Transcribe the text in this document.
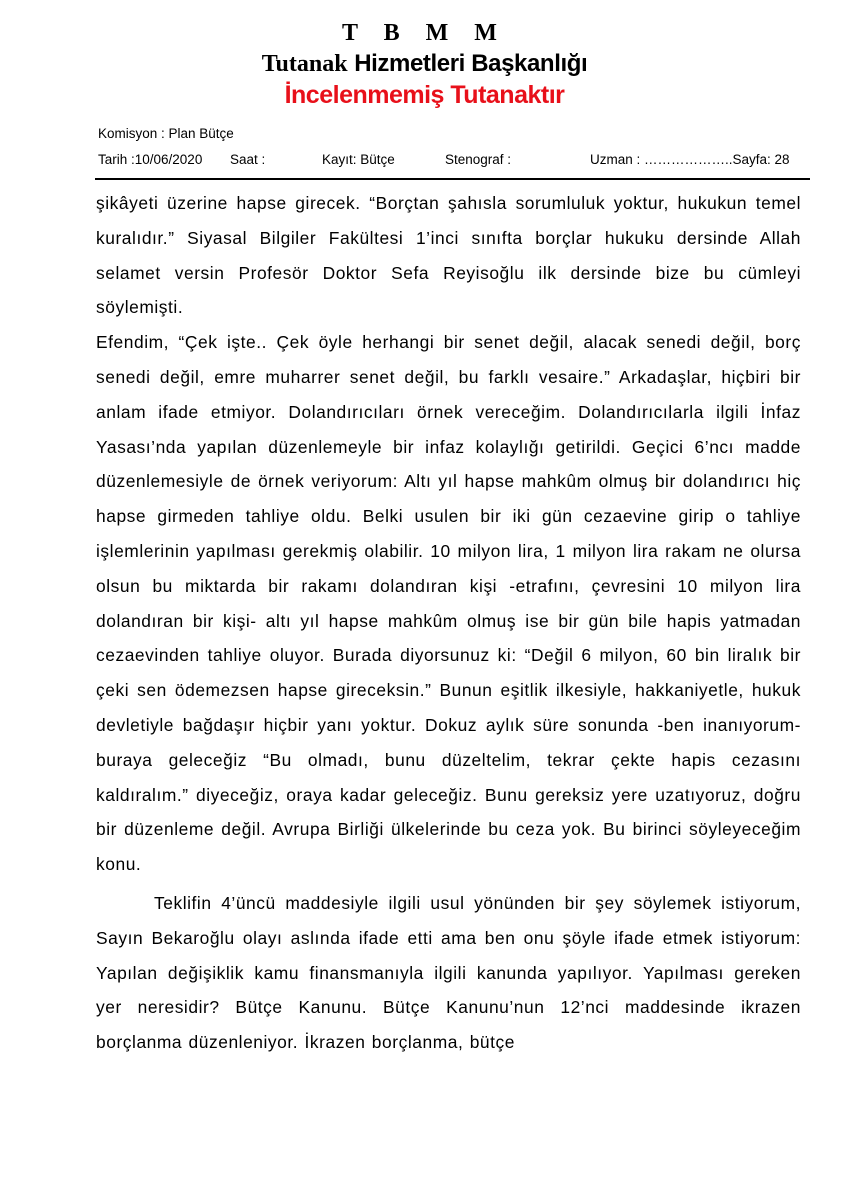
T B M M
Tutanak Hizmetleri Başkanlığı
İncelenmemiş Tutanaktır
Komisyon : Plan Bütçe
Tarih :10/06/2020 Saat :	Kayıt: Bütçe	Stenograf :	Uzman : ………………..Sayfa: 28

şikâyeti üzerine hapse girecek. “Borçtan şahısla sorumluluk yoktur, hukukun temel kuralıdır.” Siyasal Bilgiler Fakültesi 1’inci sınıfta borçlar hukuku dersinde Allah selamet versin Profesör Doktor Sefa Reyisoğlu ilk dersinde bize bu cümleyi söylemişti.

Efendim, “Çek işte.. Çek öyle herhangi bir senet değil, alacak senedi değil, borç senedi değil, emre muharrer senet değil, bu farklı vesaire.” Arkadaşlar, hiçbiri bir anlam ifade etmiyor. Dolandırıcıları örnek vereceğim. Dolandırıcılarla ilgili İnfaz Yasası’nda yapılan düzenlemeyle bir infaz kolaylığı getirildi. Geçici 6’ncı madde düzenlemesiyle de örnek veriyorum: Altı yıl hapse mahkûm olmuş bir dolandırıcı hiç hapse girmeden tahliye oldu. Belki usulen bir iki gün cezaevine girip o tahliye işlemlerinin yapılması gerekmiş olabilir. 10 milyon lira, 1 milyon lira rakam ne olursa olsun bu miktarda bir rakamı dolandıran kişi -etrafını, çevresini 10 milyon lira dolandıran bir kişi- altı yıl hapse mahkûm olmuş ise bir gün bile hapis yatmadan cezaevinden tahliye oluyor. Burada diyorsunuz ki: “Değil 6 milyon, 60 bin liralık bir çeki sen ödemezsen hapse gireceksin.” Bunun eşitlik ilkesiyle, hakkaniyetle, hukuk devletiyle bağdaşır hiçbir yanı yoktur. Dokuz aylık süre sonunda -ben inanıyorum- buraya geleceğiz “Bu olmadı, bunu düzeltelim, tekrar çekte hapis cezasını kaldıralım.” diyeceğiz, oraya kadar geleceğiz. Bunu gereksiz yere uzatıyoruz, doğru bir düzenleme değil. Avrupa Birliği ülkelerinde bu ceza yok. Bu birinci söyleyeceğim konu.

Teklifin 4’üncü maddesiyle ilgili usul yönünden bir şey söylemek istiyorum, Sayın Bekaroğlu olayı aslında ifade etti ama ben onu şöyle ifade etmek istiyorum: Yapılan değişiklik kamu finansmanıyla ilgili kanunda yapılıyor. Yapılması gereken yer neresidir? Bütçe Kanunu. Bütçe Kanunu’nun 12’nci maddesinde ikrazen borçlanma düzenleniyor. İkrazen borçlanma, bütçe
